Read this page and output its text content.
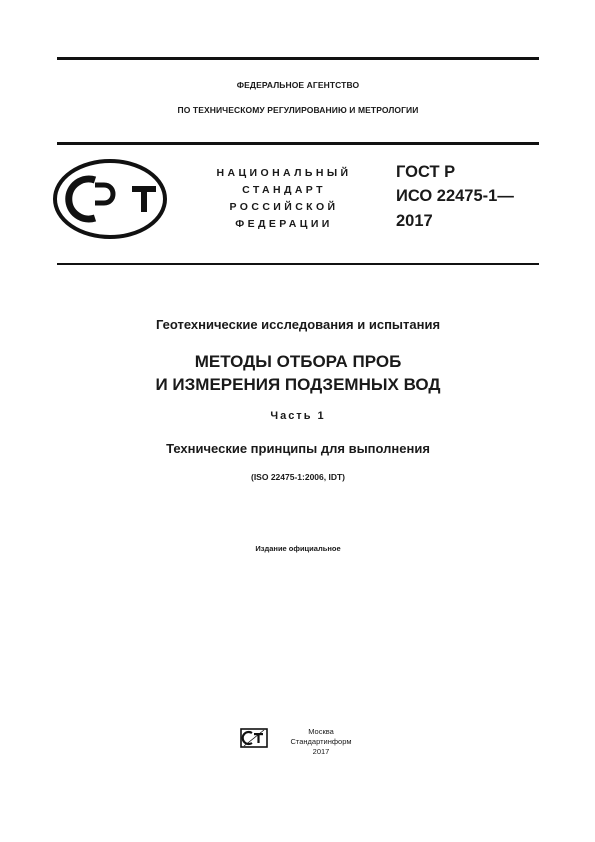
ФЕДЕРАЛЬНОЕ АГЕНТСТВО
ПО ТЕХНИЧЕСКОМУ РЕГУЛИРОВАНИЮ И МЕТРОЛОГИИ
НАЦИОНАЛЬНЫЙ
СТАНДАРТ
РОССИЙСКОЙ
ФЕДЕРАЦИИ
ГОСТ Р
ИСО 22475-1—
2017
Геотехнические исследования и испытания
МЕТОДЫ ОТБОРА ПРОБ
И ИЗМЕРЕНИЯ ПОДЗЕМНЫХ ВОД
Часть 1
Технические принципы для выполнения
(ISO 22475-1:2006, IDT)
Издание официальное
Москва
Стандартинформ
2017
